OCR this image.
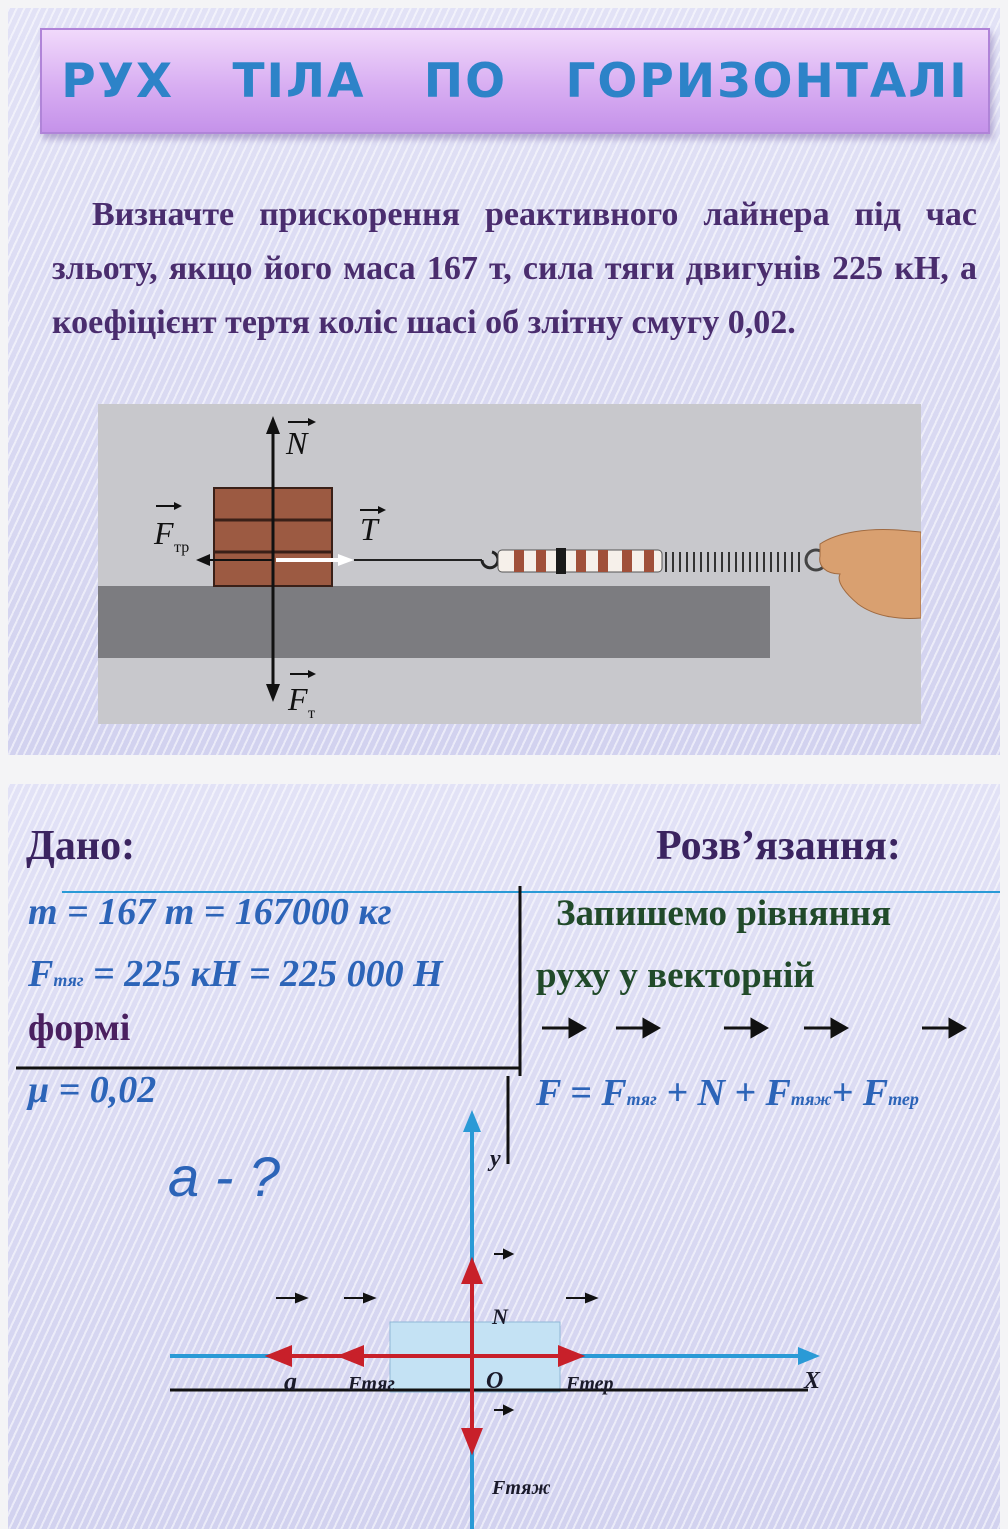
РУХ ТІЛА ПО ГОРИЗОНТАЛІ
Визначте прискорення реактивного лайнера під час зльоту, якщо його маса 167 т, сила тяги двигунів 225 кН, а коефіцієнт тертя коліс шасі об злітну смугу 0,02.
N
T
F тр
F т
Дано:	Розв’язання:
m = 167 т = 167000 кг
Fтяг = 225 кН = 225 000 Н
формі
μ = 0,02
Запишемо рівняння
руху у векторній
F = Fтяг + N + Fтяж+ Fтер
a - ?	y
X
O
N
a	Fтяг	Fтер
Fтяж
